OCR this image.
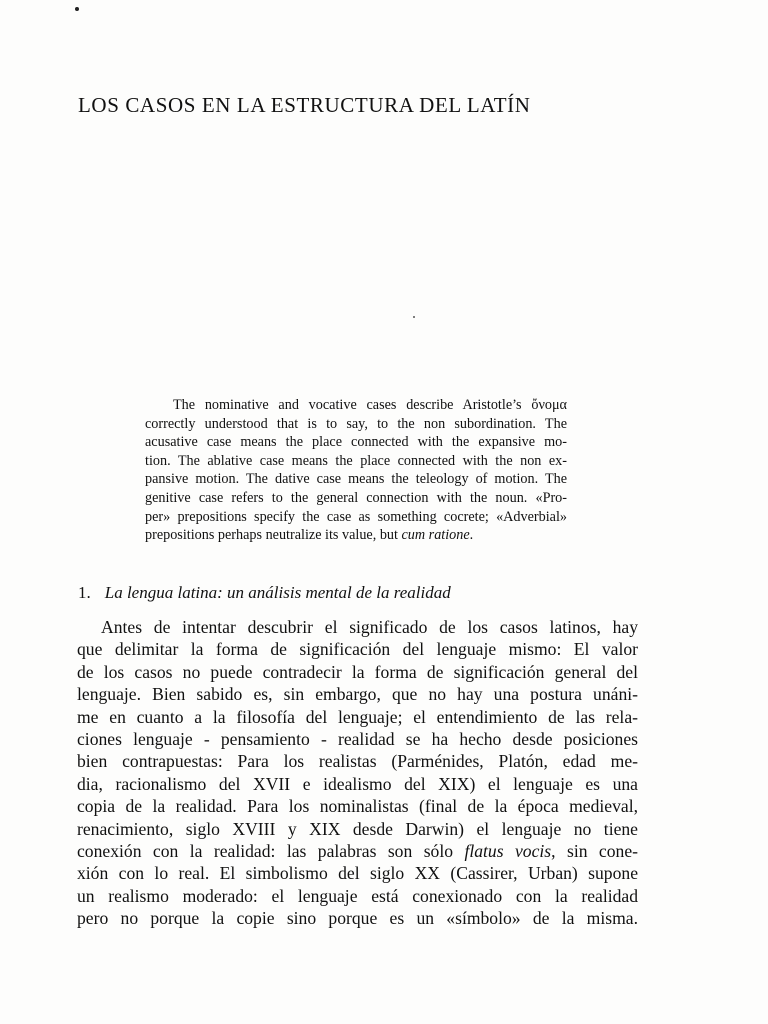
LOS CASOS EN LA ESTRUCTURA DEL LATÍN
The nominative and vocative cases describe Aristotle’s ὄνομα
correctly understood that is to say, to the non subordination. The
acusative case means the place connected with the expansive mo-
tion. The ablative case means the place connected with the non ex-
pansive motion. The dative case means the teleology of motion. The
genitive case refers to the general connection with the noun. «Pro-
per» prepositions specify the case as something cocrete; «Adverbial»
prepositions perhaps neutralize its value, but cum ratione.
1. La lengua latina: un análisis mental de la realidad
Antes de intentar descubrir el significado de los casos latinos, hay
que delimitar la forma de significación del lenguaje mismo: El valor
de los casos no puede contradecir la forma de significación general del
lenguaje. Bien sabido es, sin embargo, que no hay una postura unáni-
me en cuanto a la filosofía del lenguaje; el entendimiento de las rela-
ciones lenguaje - pensamiento - realidad se ha hecho desde posiciones
bien contrapuestas: Para los realistas (Parménides, Platón, edad me-
dia, racionalismo del XVII e idealismo del XIX) el lenguaje es una
copia de la realidad. Para los nominalistas (final de la época medieval,
renacimiento, siglo XVIII y XIX desde Darwin) el lenguaje no tiene
conexión con la realidad: las palabras son sólo flatus vocis, sin cone-
xión con lo real. El simbolismo del siglo XX (Cassirer, Urban) supone
un realismo moderado: el lenguaje está conexionado con la realidad
pero no porque la copie sino porque es un «símbolo» de la misma.
